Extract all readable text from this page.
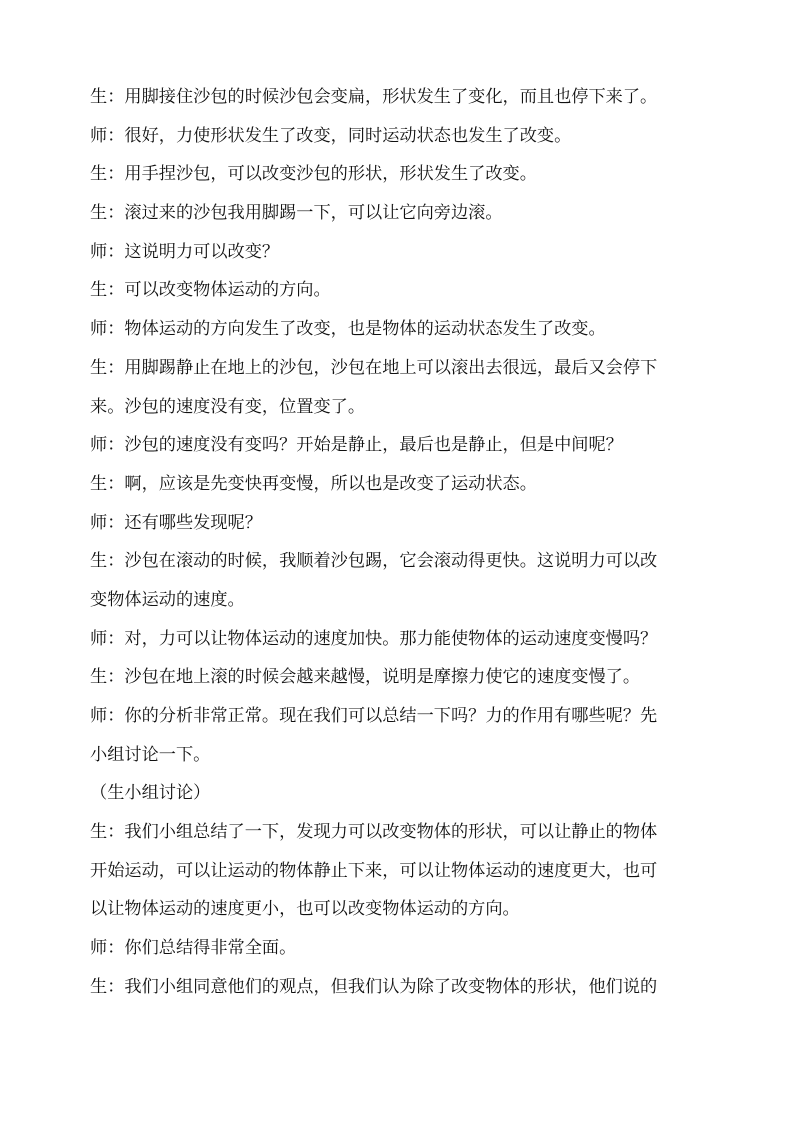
生：用脚接住沙包的时候沙包会变扁，形状发生了变化，而且也停下来了。
师：很好，力使形状发生了改变，同时运动状态也发生了改变。
生：用手捏沙包，可以改变沙包的形状，形状发生了改变。
生：滚过来的沙包我用脚踢一下，可以让它向旁边滚。
师：这说明力可以改变？
生：可以改变物体运动的方向。
师：物体运动的方向发生了改变，也是物体的运动状态发生了改变。
生：用脚踢静止在地上的沙包，沙包在地上可以滚出去很远，最后又会停下
来。沙包的速度没有变，位置变了。
师：沙包的速度没有变吗？开始是静止，最后也是静止，但是中间呢？
生：啊，应该是先变快再变慢，所以也是改变了运动状态。
师：还有哪些发现呢？
生：沙包在滚动的时候，我顺着沙包踢，它会滚动得更快。这说明力可以改
变物体运动的速度。
师：对，力可以让物体运动的速度加快。那力能使物体的运动速度变慢吗？
生：沙包在地上滚的时候会越来越慢，说明是摩擦力使它的速度变慢了。
师：你的分析非常正常。现在我们可以总结一下吗？力的作用有哪些呢？先
小组讨论一下。
（生小组讨论）
生：我们小组总结了一下，发现力可以改变物体的形状，可以让静止的物体
开始运动，可以让运动的物体静止下来，可以让物体运动的速度更大，也可
以让物体运动的速度更小，也可以改变物体运动的方向。
师：你们总结得非常全面。
生：我们小组同意他们的观点，但我们认为除了改变物体的形状，他们说的
